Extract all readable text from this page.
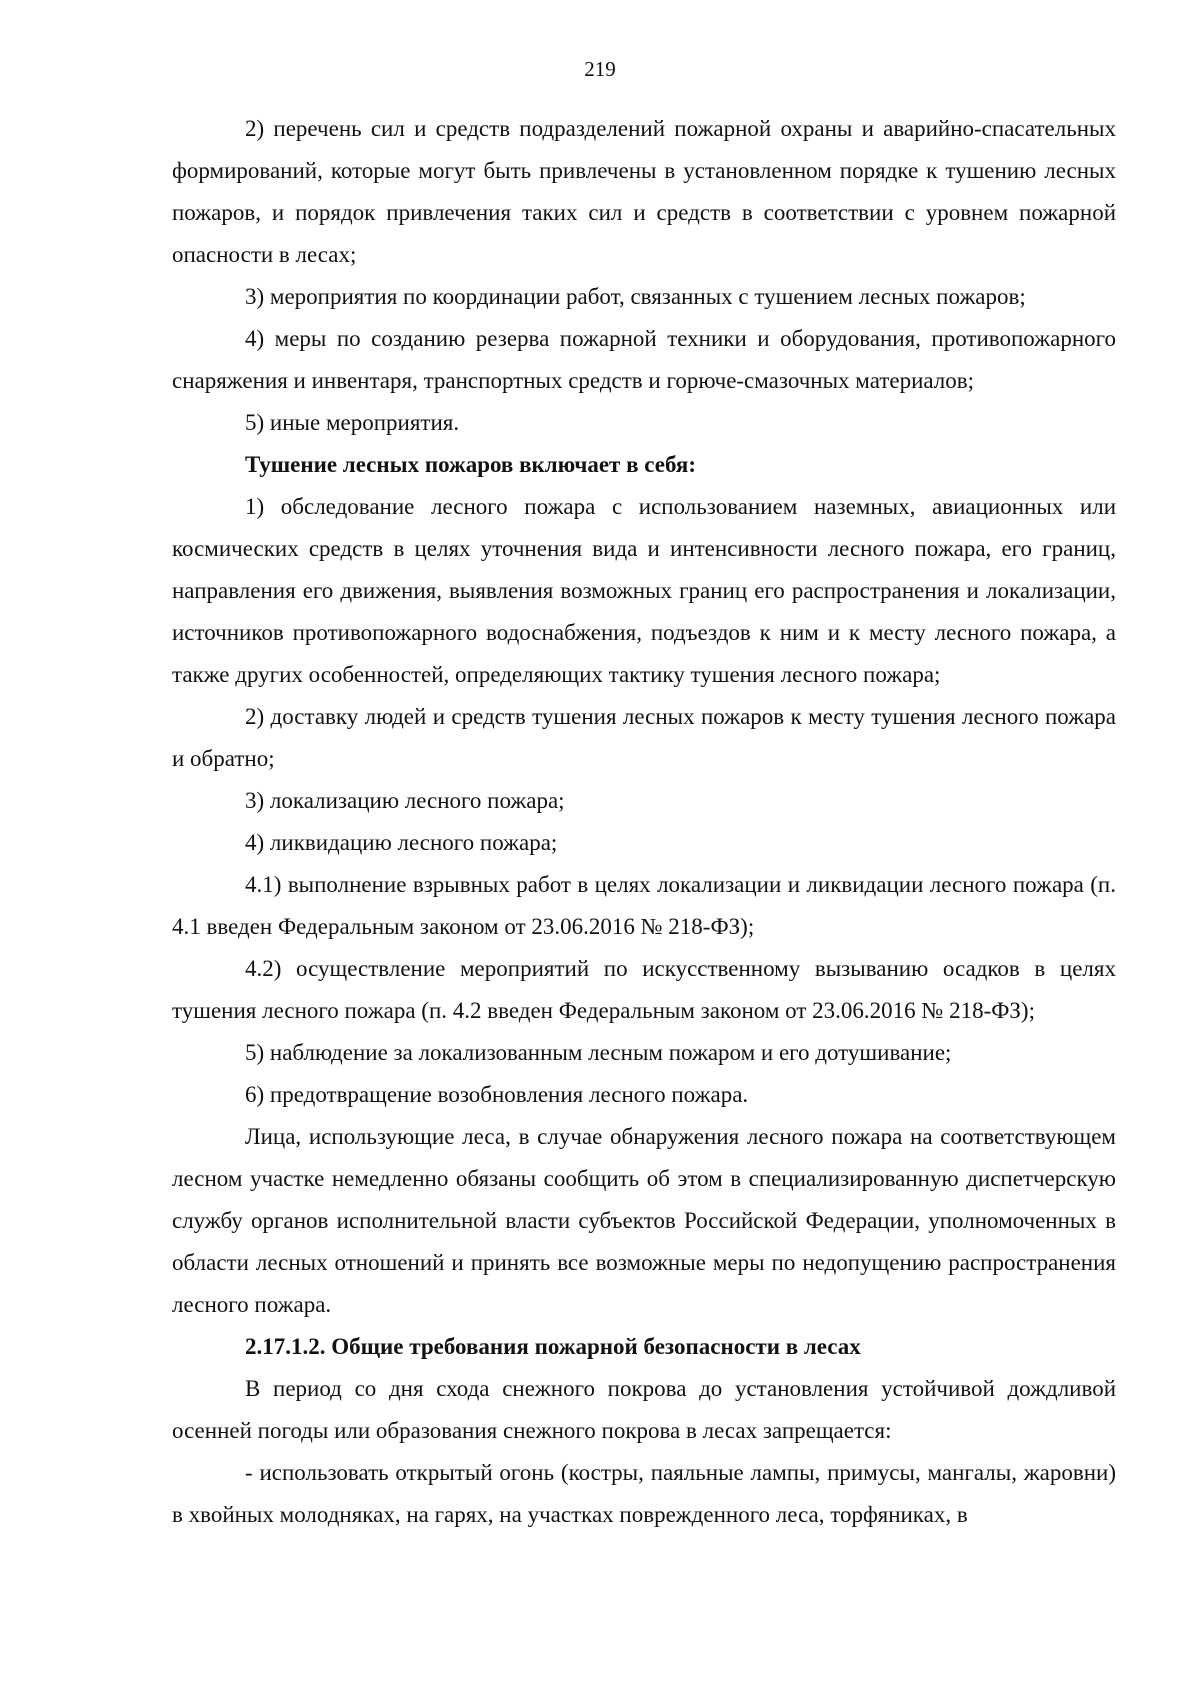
219

2) перечень сил и средств подразделений пожарной охраны и аварийно-спасательных формирований, которые могут быть привлечены в установленном порядке к тушению лесных пожаров, и порядок привлечения таких сил и средств в соответствии с уровнем пожарной опасности в лесах;

3) мероприятия по координации работ, связанных с тушением лесных пожаров;

4) меры по созданию резерва пожарной техники и оборудования, противопожарного снаряжения и инвентаря, транспортных средств и горюче-смазочных материалов;

5) иные мероприятия.

Тушение лесных пожаров включает в себя:

1) обследование лесного пожара с использованием наземных, авиационных или космических средств в целях уточнения вида и интенсивности лесного пожара, его границ, направления его движения, выявления возможных границ его распространения и локализации, источников противопожарного водоснабжения, подъездов к ним и к месту лесного пожара, а также других особенностей, определяющих тактику тушения лесного пожара;

2) доставку людей и средств тушения лесных пожаров к месту тушения лесного пожара и обратно;

3) локализацию лесного пожара;

4) ликвидацию лесного пожара;

4.1) выполнение взрывных работ в целях локализации и ликвидации лесного пожара (п. 4.1 введен Федеральным законом от 23.06.2016 № 218-ФЗ);

4.2) осуществление мероприятий по искусственному вызыванию осадков в целях тушения лесного пожара (п. 4.2 введен Федеральным законом от 23.06.2016 № 218-ФЗ);

5) наблюдение за локализованным лесным пожаром и его дотушивание;

6) предотвращение возобновления лесного пожара.

Лица, использующие леса, в случае обнаружения лесного пожара на соответствующем лесном участке немедленно обязаны сообщить об этом в специализированную диспетчерскую службу органов исполнительной власти субъектов Российской Федерации, уполномоченных в области лесных отношений и принять все возможные меры по недопущению распространения лесного пожара.

2.17.1.2. Общие требования пожарной безопасности в лесах

В период со дня схода снежного покрова до установления устойчивой дождливой осенней погоды или образования снежного покрова в лесах запрещается:

- использовать открытый огонь (костры, паяльные лампы, примусы, мангалы, жаровни) в хвойных молодняках, на гарях, на участках поврежденного леса, торфяниках, в
